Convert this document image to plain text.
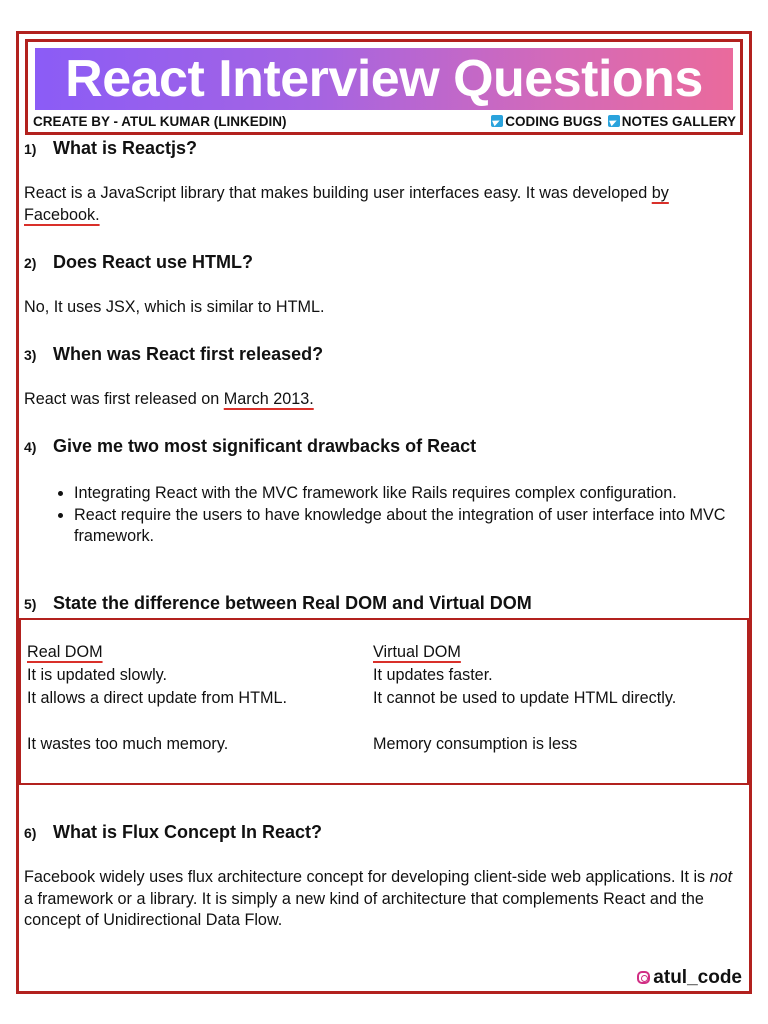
React Interview Questions
CREATE BY - ATUL KUMAR (LINKEDIN)	CODING BUGS NOTES GALLERY
1) What is Reactjs?
React is a JavaScript library that makes building user interfaces easy. It was developed by Facebook.
2) Does React use HTML?
No, It uses JSX, which is similar to HTML.
3) When was React first released?
React was first released on March 2013.
4) Give me two most significant drawbacks of React
• Integrating React with the MVC framework like Rails requires complex configuration.
• React require the users to have knowledge about the integration of user interface into MVC framework.
5) State the difference between Real DOM and Virtual DOM
Real DOM
It is updated slowly.
It allows a direct update from HTML.
It wastes too much memory.
Virtual DOM
It updates faster.
It cannot be used to update HTML directly.
Memory consumption is less
6) What is Flux Concept In React?
Facebook widely uses flux architecture concept for developing client-side web applications. It is not a framework or a library. It is simply a new kind of architecture that complements React and the concept of Unidirectional Data Flow.
atul_code
